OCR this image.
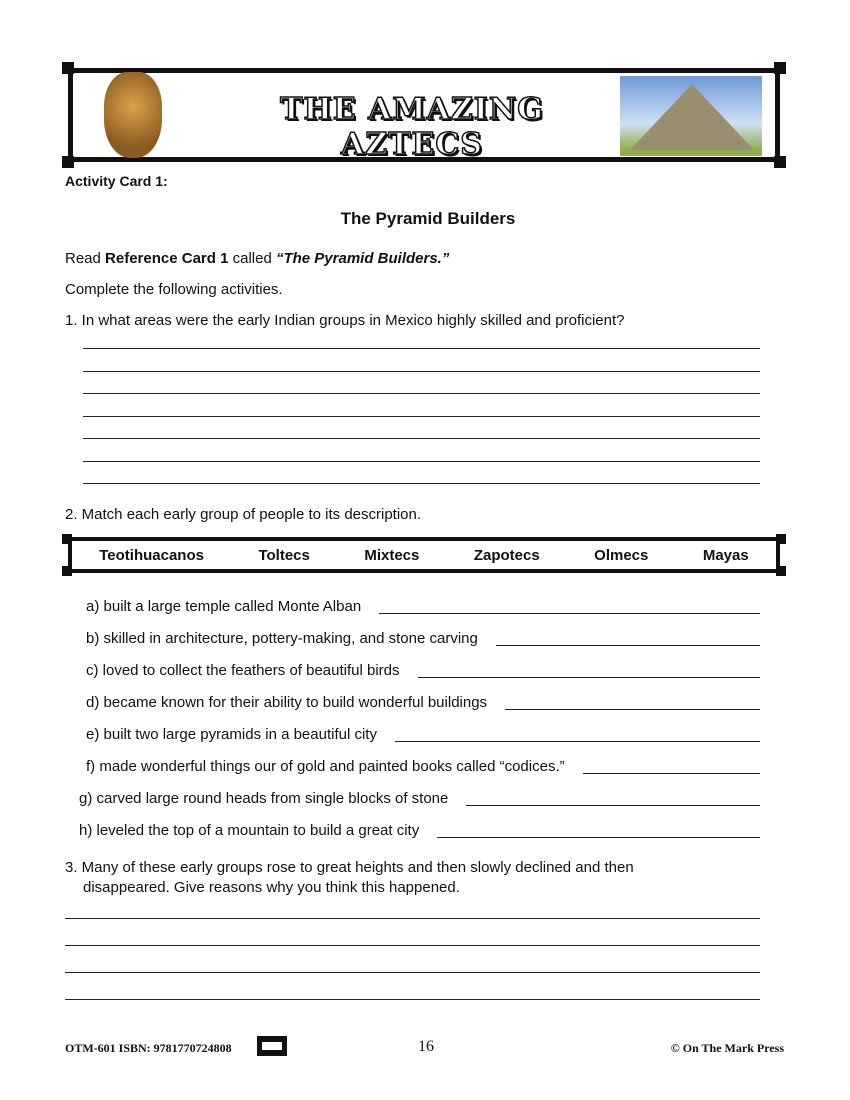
THE AMAZING AZTECS
Activity Card 1:
The Pyramid Builders
Read Reference Card 1 called “The Pyramid Builders.”
Complete the following activities.
1. In what areas were the early Indian groups in Mexico highly skilled and proficient?
2. Match each early group of people to its description.
Teotihuacanos	Toltecs	Mixtecs	Zapotecs	Olmecs	Mayas
a) built a large temple called Monte Alban
b) skilled in architecture, pottery-making, and stone carving
c) loved to collect the feathers of beautiful birds
d) became known for their ability to build wonderful buildings
e) built two large pyramids in a beautiful city
f) made wonderful things our of gold and painted books called “codices.”
g) carved large round heads from single blocks of stone
h) leveled the top of a mountain to build a great city
3. Many of these early groups rose to great heights and then slowly declined and then
disappeared. Give reasons why you think this happened.
OTM-601 ISBN: 9781770724808	16	© On The Mark Press
